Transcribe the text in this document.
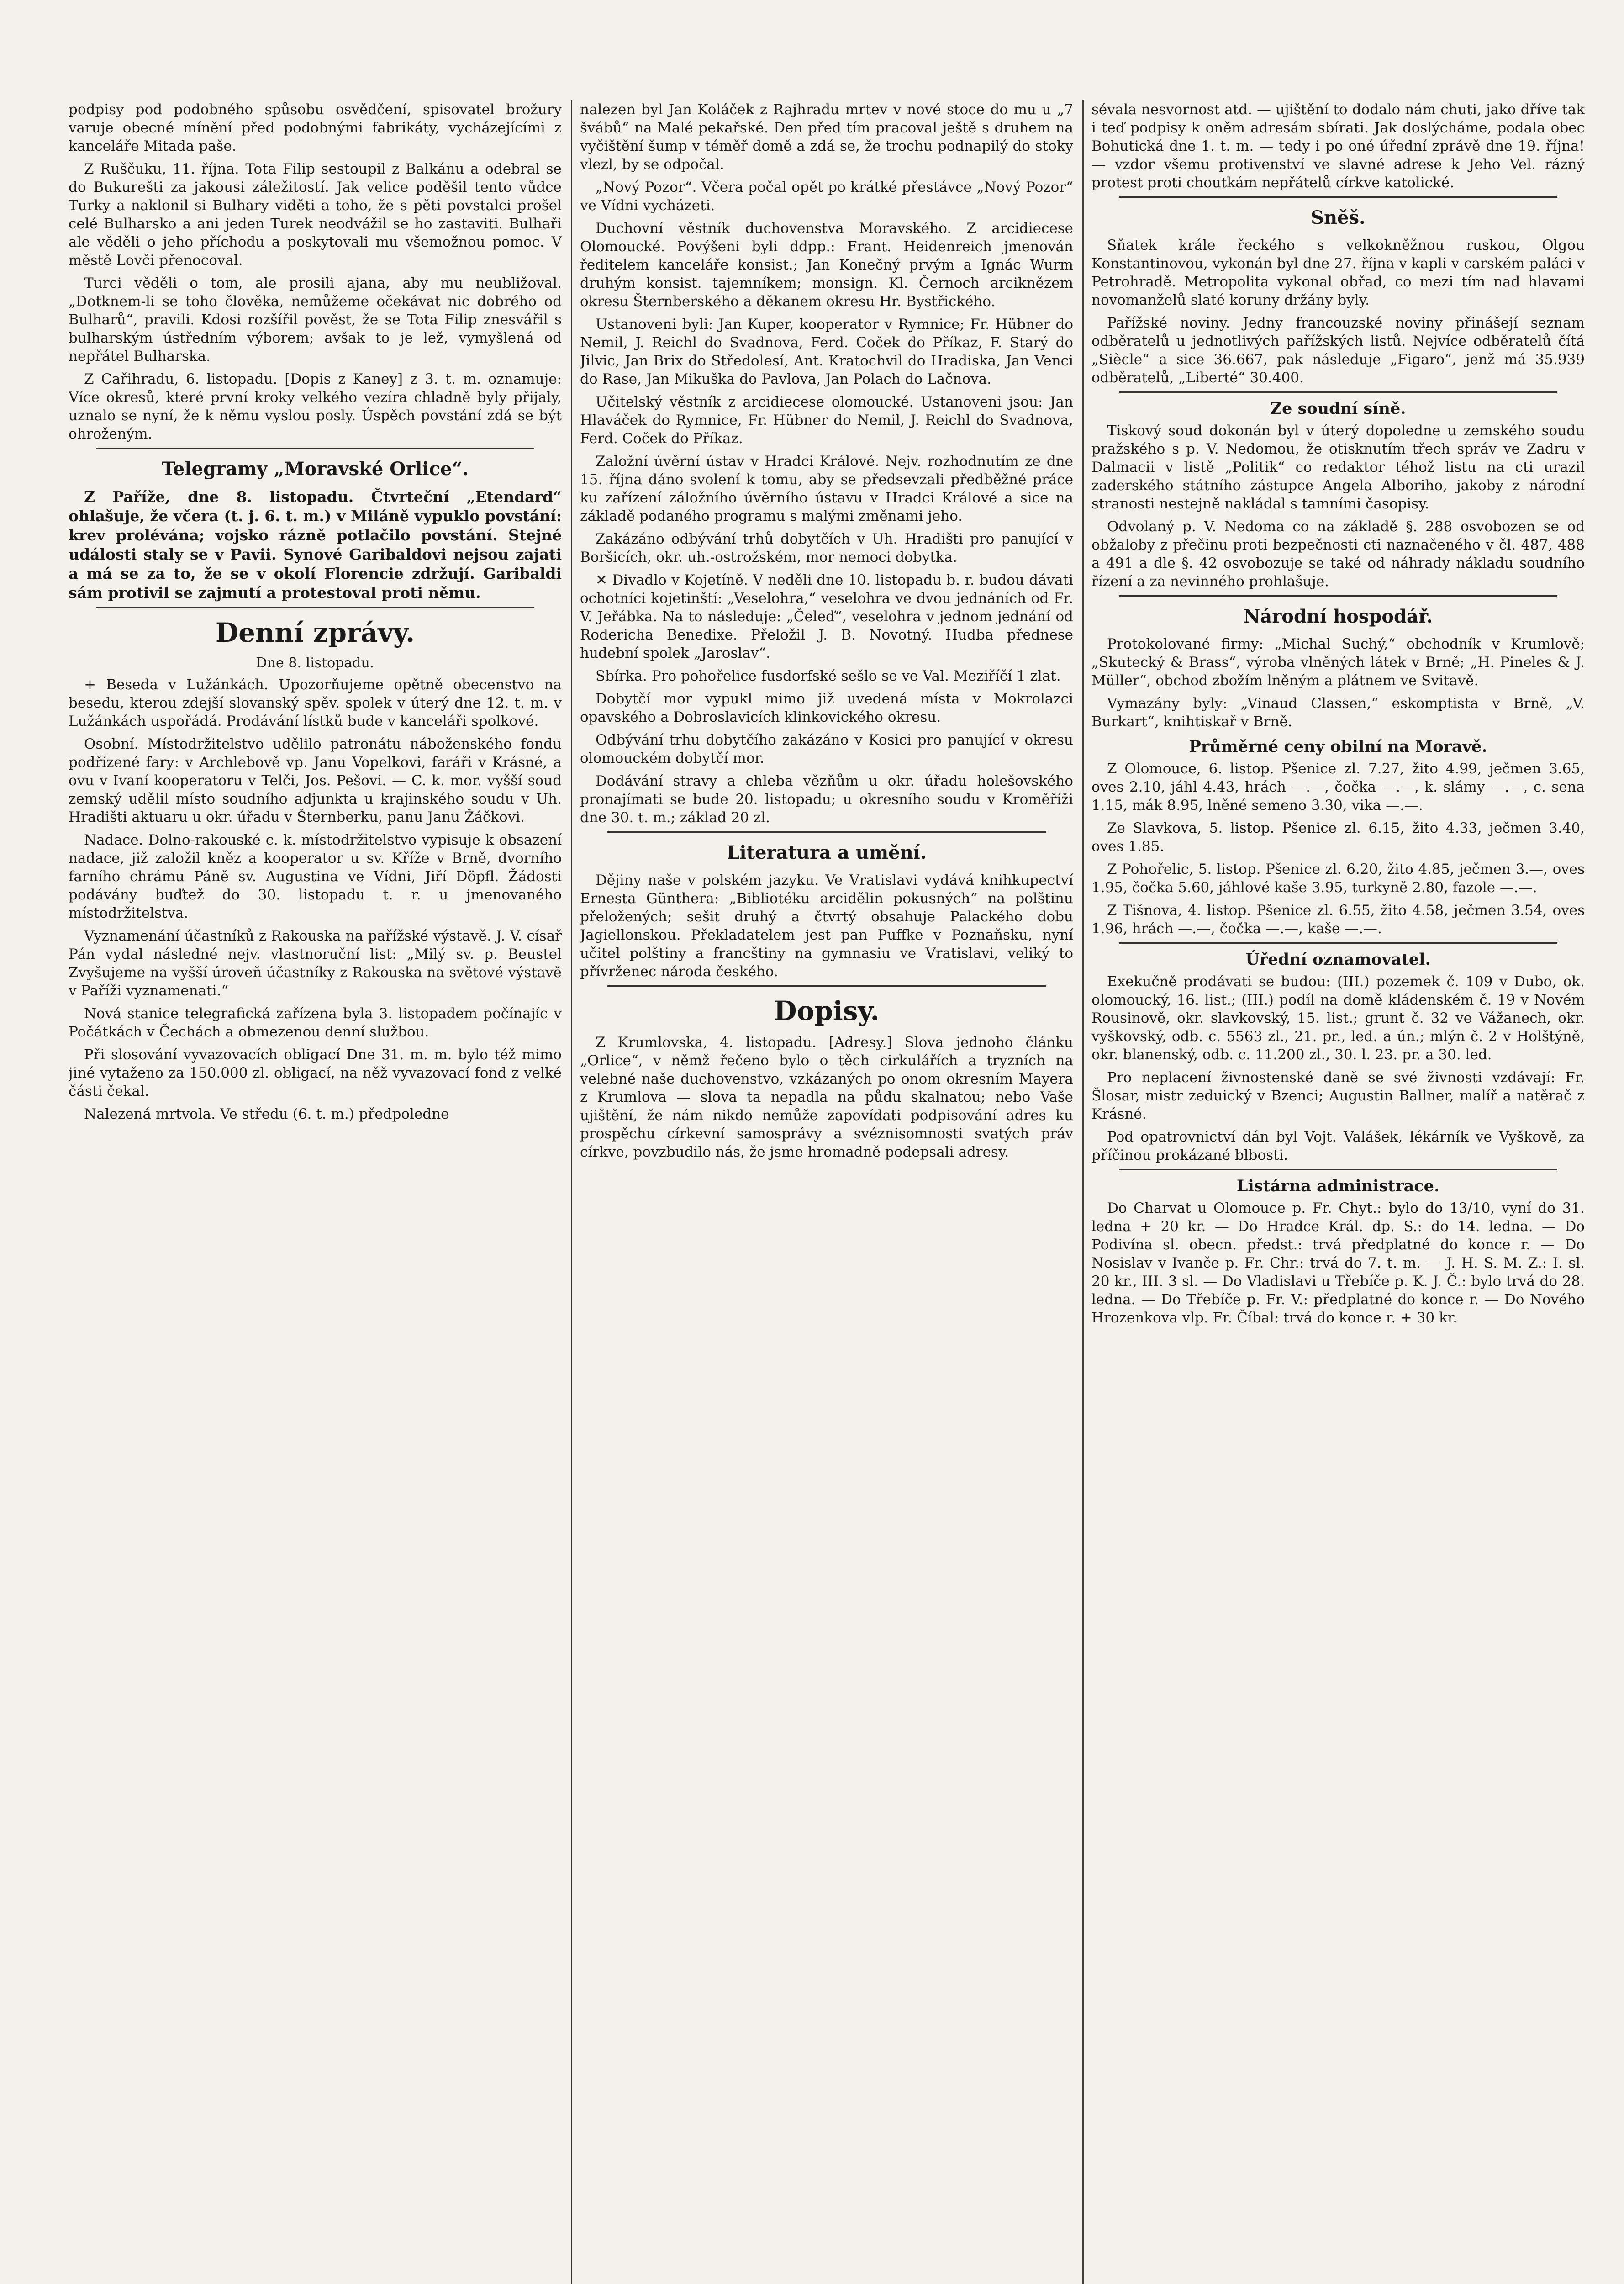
podpisy pod podobného spůsobu osvědčení, spisovatel brožury varuje obecné mínění před podobnými fabrikáty, vycházejícími z kanceláře Mitada paše.

Z Ruščuku, 11. října. Tota Filip sestoupil z Balkánu a odebral se do Bukurešti za jakousi záležitostí. Jak velice poděšil tento vůdce Turky a naklonil si Bulhary viděti a toho, že s pěti povstalci prošel celé Bulharsko a ani jeden Turek neodvážil se ho zastaviti. Bulhaři ale věděli o jeho příchodu a poskytovali mu všemožnou pomoc. V městě Lovči přenocoval.

Turci věděli o tom, ale prosili ajana, aby mu neubližoval. „Dotknem-li se toho člověka, nemůžeme očekávat nic dobrého od Bulharů“, pravili. Kdosi rozšířil pověst, že se Tota Filip znesvářil s bulharským ústředním výborem; avšak to je lež, vymyšlená od nepřátel Bulharska.

Z Cařihradu, 6. listopadu. [Dopis z Kaney] z 3. t. m. oznamuje: Více okresů, které první kroky velkého vezíra chladně byly přijaly, uznalo se nyní, že k němu vyslou posly. Úspěch povstání zdá se být ohroženým.

Telegramy „Moravské Orlice“.

Z Paříže, dne 8. listopadu. Čtvrteční „Etendard“ ohlašuje, že včera (t. j. 6. t. m.) v Miláně vypuklo povstání: krev prolévána; vojsko rázně potlačilo povstání. Stejné události staly se v Pavii. Synové Garibaldovi nejsou zajati a má se za to, že se v okolí Florencie zdržují. Garibaldi sám protivil se zajmutí a protestoval proti němu.

Denní zprávy.
Dne 8. listopadu.

+ Beseda v Lužánkách. Upozorňujeme opětně obecenstvo na besedu, kterou zdejší slovanský spěv. spolek v úterý dne 12. t. m. v Lužánkách uspořádá. Prodávání lístků bude v kanceláři spolkové.

Osobní. Místodržitelstvo udělilo patronátu náboženského fondu podřízené fary: v Archlebově vp. Janu Vopelkovi, faráři v Krásné, a ovu v Ivaní kooperatoru v Telči, Jos. Pešovi. — C. k. mor. vyšší soud zemský udělil místo soudního adjunkta u krajinského soudu v Uh. Hradišti aktuaru u okr. úřadu v Šternberku, panu Janu Žáčkovi.

Nadace. Dolno-rakouské c. k. místodržitelstvo vypisuje k obsazení nadace, již založil kněz a kooperator u sv. Kříže v Brně, dvorního farního chrámu Páně sv. Augustina ve Vídni, Jiří Döpfl. Žádosti podávány buďtež do 30. listopadu t. r. u jmenovaného místodržitelstva.

Vyznamenání účastníků z Rakouska na pařížské výstavě. J. V. císař Pán vydal následné nejv. vlastnoruční list: „Milý sv. p. Beustel Zvyšujeme na vyšší úroveň účastníky z Rakouska na světové výstavě v Paříži vyznamenati.“

Nová stanice telegrafická zařízena byla 3. listopadem počínajíc v Počátkách v Čechách a obmezenou denní službou.

Při slosování vyvazovacích obligací Dne 31. m. m. bylo též mimo jiné vytaženo za 150.000 zl. obligací, na něž vyvazovací fond z velké části čekal.

Nalezená mrtvola. Ve středu (6. t. m.) předpoledne

nalezen byl Jan Koláček z Rajhradu mrtev v nové stoce do mu u „7 švábů“ na Malé pekařské. Den před tím pracoval ještě s druhem na vyčištění šump v téměř domě a zdá se, že trochu podnapilý do stoky vlezl, by se odpočal.

„Nový Pozor“. Včera počal opět po krátké přestávce „Nový Pozor“ ve Vídni vycházeti.

Duchovní věstník duchovenstva Moravského. Z arcidiecese Olomoucké. Povýšeni byli ddpp.: Frant. Heidenreich jmenován ředitelem kanceláře konsist.; Jan Konečný prvým a Ignác Wurm druhým konsist. tajemníkem; monsign. Kl. Černoch arciknězem okresu Šternberského a děkanem okresu Hr. Bystřického.

Ustanoveni byli: Jan Kuper, kooperator v Rymnice; Fr. Hübner do Nemil, J. Reichl do Svadnova, Ferd. Coček do Příkaz, F. Starý do Jilvic, Jan Brix do Středolesí, Ant. Kratochvil do Hradiska, Jan Venci do Rase, Jan Mikuška do Pavlova, Jan Polach do Lačnova.

Učitelský věstník z arcidiecese olomoucké. Ustanoveni jsou: Jan Hlaváček do Rymnice, Fr. Hübner do Nemil, J. Reichl do Svadnova, Ferd. Coček do Příkaz.

Založní úvěrní ústav v Hradci Králové. Nejv. rozhodnutím ze dne 15. října dáno svolení k tomu, aby se předsevzali předběžné práce ku zařízení záložního úvěrního ústavu v Hradci Králové a sice na základě podaného programu s malými změnami jeho.

Zakázáno odbývání trhů dobytčích v Uh. Hradišti pro panující v Boršicích, okr. uh.-ostrožském, mor nemoci dobytka.

✕ Divadlo v Kojetíně. V neděli dne 10. listopadu b. r. budou dávati ochotníci kojetinští: „Veselohra,“ veselohra ve dvou jednáních od Fr. V. Jeřábka. Na to následuje: „Čeleď“, veselohra v jednom jednání od Rodericha Benedixe. Přeložil J. B. Novotný. Hudba přednese hudební spolek „Jaroslav“.

Sbírka. Pro pohořelice fusdorfské sešlo se ve Val. Meziříčí 1 zlat.

Dobytčí mor vypukl mimo již uvedená místa v Mokrolazci opavského a Dobroslavicích klinkovického okresu.

Odbývání trhu dobytčího zakázáno v Kosici pro panující v okresu olomouckém dobytčí mor.

Dodávání stravy a chleba vězňům u okr. úřadu holešovského pronajímati se bude 20. listopadu; u okresního soudu v Kroměříži dne 30. t. m.; základ 20 zl.

Literatura a umění.

Dějiny naše v polském jazyku. Ve Vratislavi vydává knihkupectví Ernesta Günthera: „Bibliotéku arcidělin pokusných“ na polštinu přeložených; sešit druhý a čtvrtý obsahuje Palackého dobu Jagiellonskou. Překladatelem jest pan Puffke v Poznaňsku, nyní učitel polštiny a francštiny na gymnasiu ve Vratislavi, veliký to přívrženec národa českého.

Dopisy.

Z Krumlovska, 4. listopadu. [Adresy.] Slova jednoho článku „Orlice“, v němž řečeno bylo o těch cirkulářích a tryzních na velebné naše duchovenstvo, vzkázaných po onom okresním Mayera z Krumlova — slova ta nepadla na půdu skalnatou; nebo Vaše ujištění, že nám nikdo nemůže zapovídati podpisování adres ku prospěchu církevní samosprávy a svéznisomnosti svatých práv církve, povzbudilo nás, že jsme hromadně podepsali adresy.

sévala nesvornost atd. — ujištění to dodalo nám chuti, jako dříve tak i teď podpisy k oněm adresám sbírati. Jak doslýcháme, podala obec Bohutická dne 1. t. m. — tedy i po oné úřední zprávě dne 19. října! — vzdor všemu protivenství ve slavné adrese k Jeho Vel. rázný protest proti choutkám nepřátelů církve katolické.

Sněš.

Sňatek krále řeckého s velkokněžnou ruskou, Olgou Konstantinovou, vykonán byl dne 27. října v kapli v carském paláci v Petrohradě. Metropolita vykonal obřad, co mezi tím nad hlavami novomanželů slaté koruny držány byly.

Pařížské noviny. Jedny francouzské noviny přinášejí seznam odběratelů u jednotlivých pařížských listů. Nejvíce odběratelů čítá „Siècle“ a sice 36.667, pak následuje „Figaro“, jenž má 35.939 odběratelů, „Liberté“ 30.400.

Ze soudní síně.

Tiskový soud dokonán byl v úterý dopoledne u zemského soudu pražského s p. V. Nedomou, že otisknutím třech správ ve Zadru v Dalmacii v listě „Politik“ co redaktor téhož listu na cti urazil zaderského státního zástupce Angela Alboriho, jakoby z národní stranosti nestejně nakládal s tamními časopisy.

Odvolaný p. V. Nedoma co na základě §. 288 osvobozen se od obžaloby z přečinu proti bezpečnosti cti naznačeného v čl. 487, 488 a 491 a dle §. 42 osvobozuje se také od náhrady nákladu soudního řízení a za nevinného prohlašuje.

Národní hospodář.

Protokolované firmy: „Michal Suchý,“ obchodník v Krumlově; „Skutecký & Brass“, výroba vlněných látek v Brně; „H. Pineles & J. Müller“, obchod zbožím lněným a plátnem ve Svitavě.

Vymazány byly: „Vinaud Classen,“ eskomptista v Brně, „V. Burkart“, knihtiskař v Brně.

Průměrné ceny obilní na Moravě.

Z Olomouce, 6. listop. Pšenice zl. 7.27, žito 4.99, ječmen 3.65, oves 2.10, jáhl 4.43, hrách —.—, čočka —.—, k. slámy —.—, c. sena 1.15, mák 8.95, lněné semeno 3.30, vika —.—.

Ze Slavkova, 5. listop. Pšenice zl. 6.15, žito 4.33, ječmen 3.40, oves 1.85.

Z Pohořelic, 5. listop. Pšenice zl. 6.20, žito 4.85, ječmen 3.—, oves 1.95, čočka 5.60, jáhlové kaše 3.95, turkyně 2.80, fazole —.—.

Z Tišnova, 4. listop. Pšenice zl. 6.55, žito 4.58, ječmen 3.54, oves 1.96, hrách —.—, čočka —.—, kaše —.—.

Úřední oznamovatel.

Exekučně prodávati se budou: (III.) pozemek č. 109 v Dubo, ok. olomoucký, 16. list.; (III.) podíl na domě kládenském č. 19 v Novém Rousinově, okr. slavkovský, 15. list.; grunt č. 32 ve Vážanech, okr. vyškovský, odb. c. 5563 zl., 21. pr., led. a ún.; mlýn č. 2 v Holštýně, okr. blanenský, odb. c. 11.200 zl., 30. l. 23. pr. a 30. led.

Pro neplacení živnostenské daně se své živnosti vzdávají: Fr. Šlosar, mistr zeduický v Bzenci; Augustin Ballner, malíř a natěrač z Krásné.

Pod opatrovnictví dán byl Vojt. Valášek, lékárník ve Vyškově, za příčinou prokázané blbosti.

Listárna administrace.

Do Charvat u Olomouce p. Fr. Chyt.: bylo do 13/10, vyní do 31. ledna + 20 kr. — Do Hradce Král. dp. S.: do 14. ledna. — Do Podivína sl. obecn. předst.: trvá předplatné do konce r. — Do Nosislav v Ivanče p. Fr. Chr.: trvá do 7. t. m. — J. H. S. M. Z.: I. sl. 20 kr., III. 3 sl. — Do Vladislavi u Třebíče p. K. J. Č.: bylo trvá do 28. ledna. — Do Třebíče p. Fr. V.: předplatné do konce r. — Do Nového Hrozenkova vlp. Fr. Číbal: trvá do konce r. + 30 kr.
